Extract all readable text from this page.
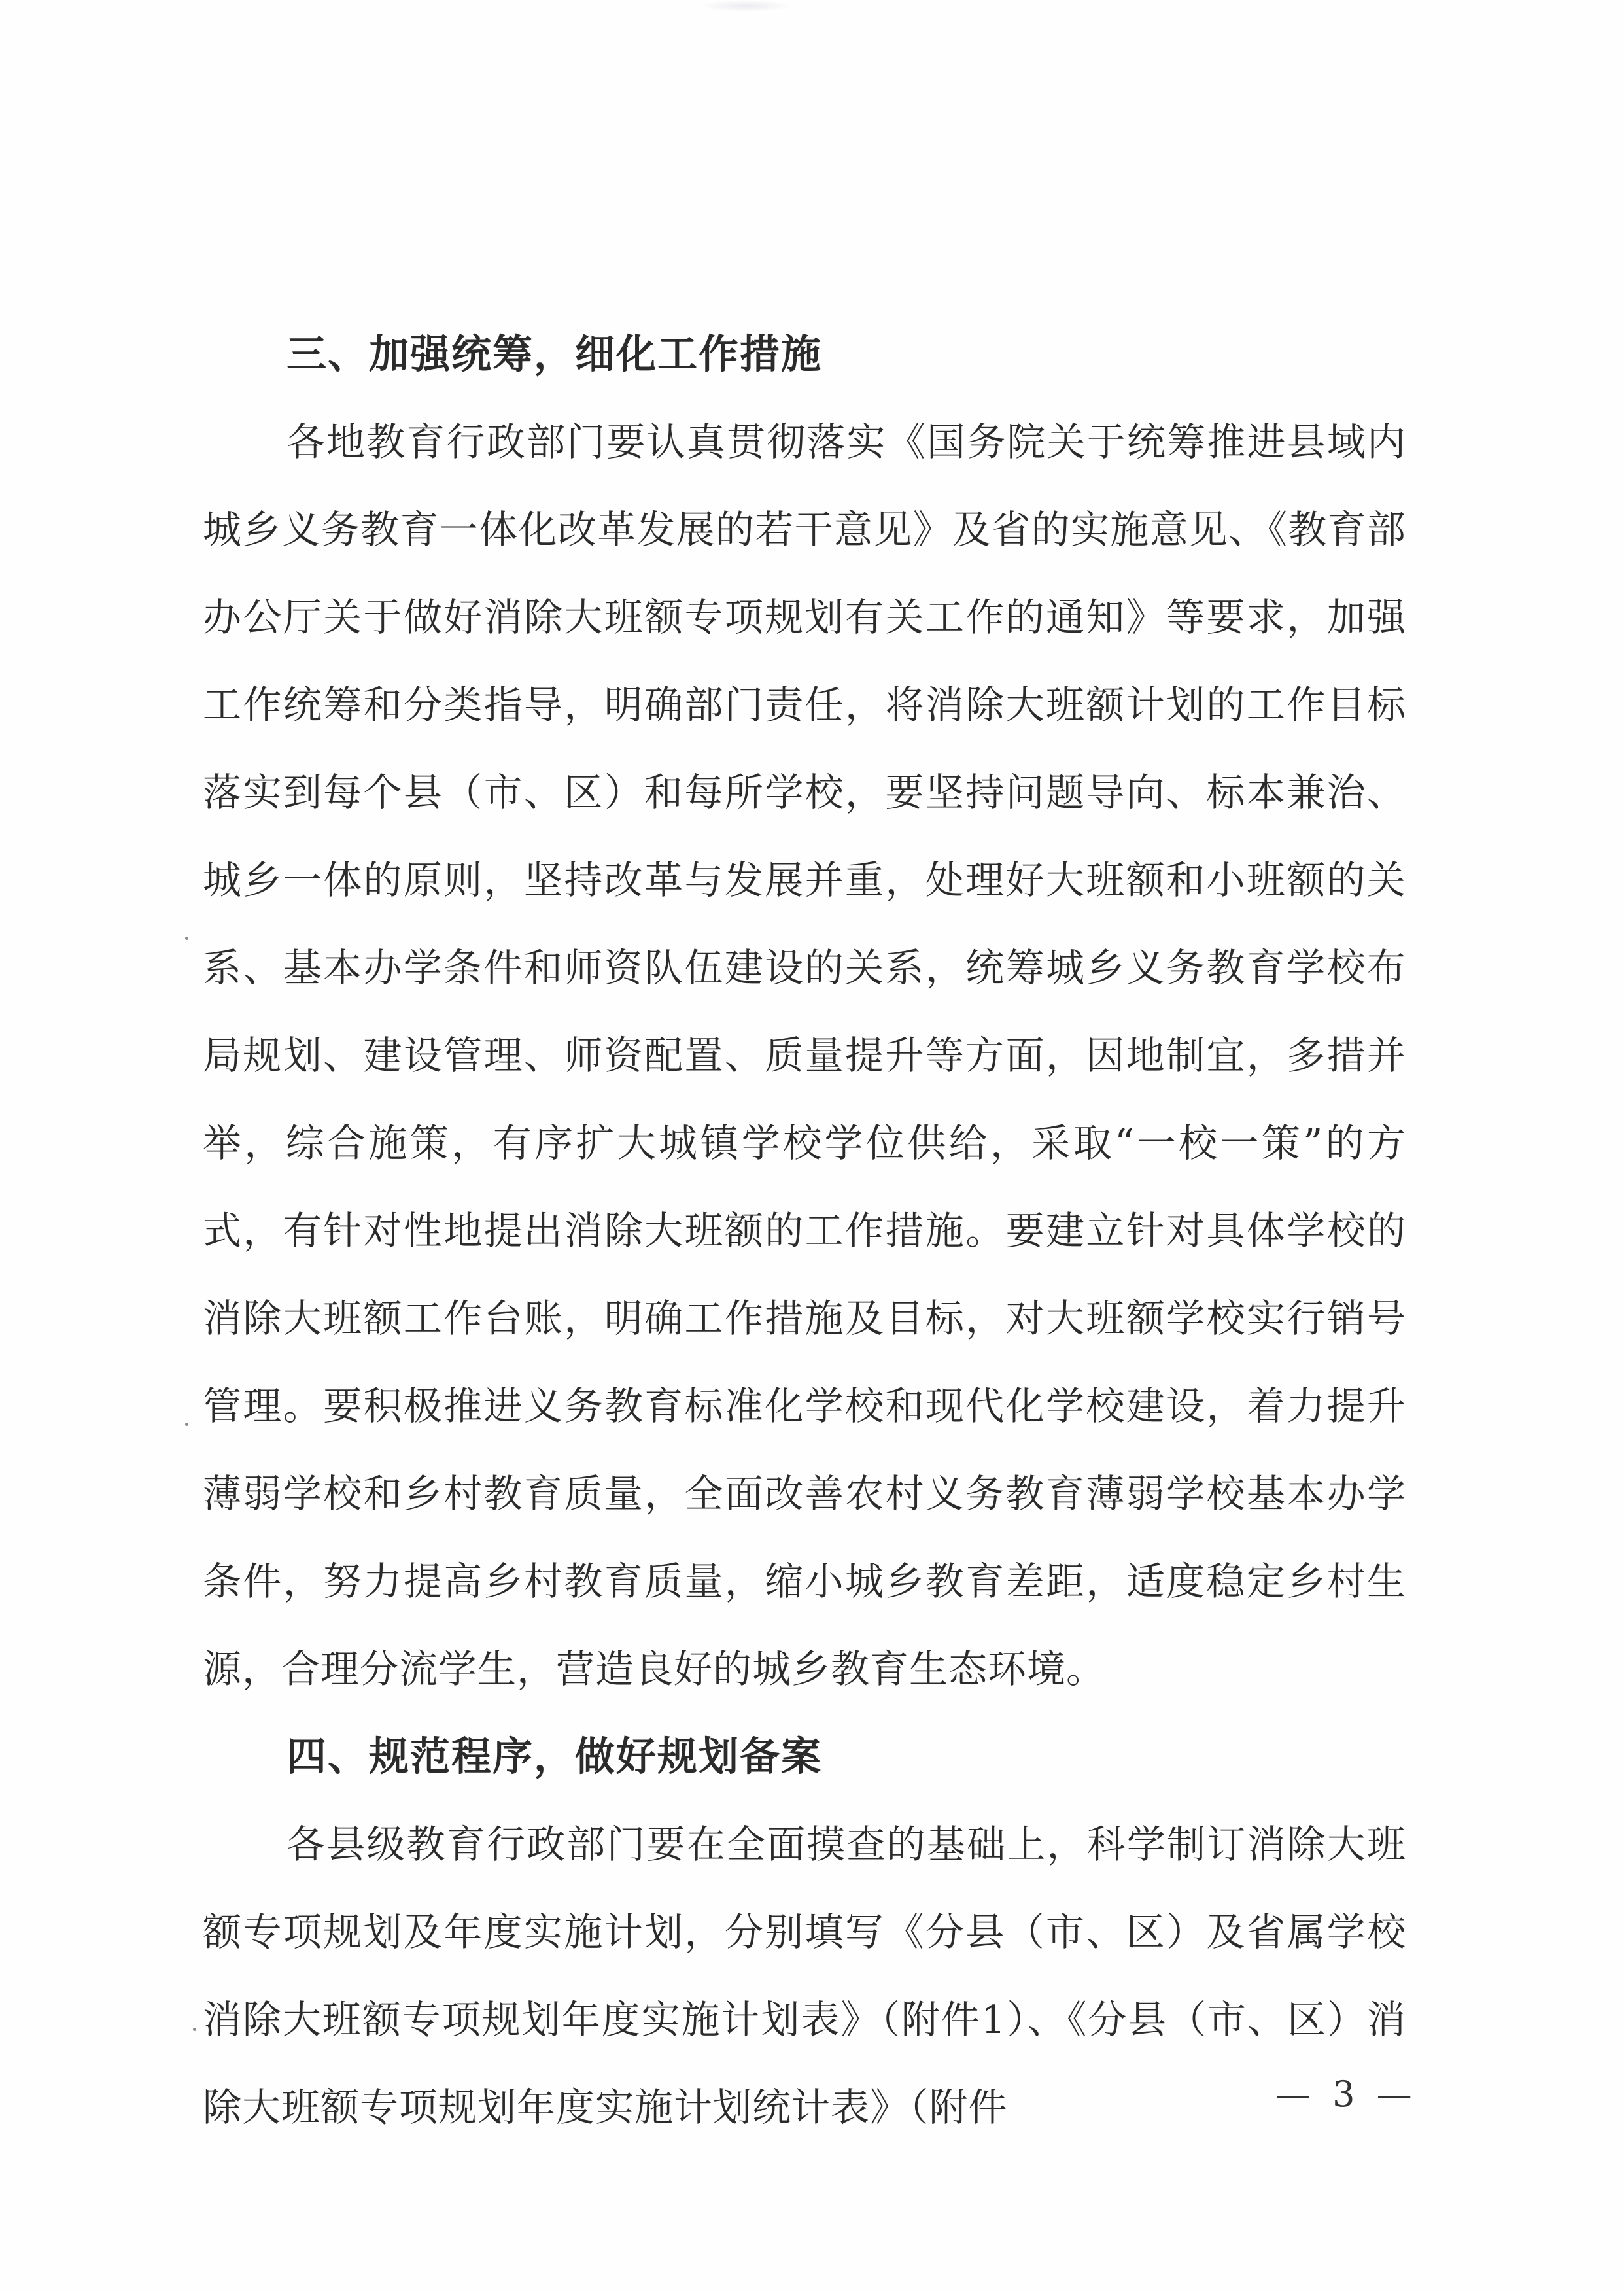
三、加强统筹，细化工作措施

各地教育行政部门要认真贯彻落实《国务院关于统筹推进县域内城乡义务教育一体化改革发展的若干意见》及省的实施意见、《教育部办公厅关于做好消除大班额专项规划有关工作的通知》等要求，加强工作统筹和分类指导，明确部门责任，将消除大班额计划的工作目标落实到每个县（市、区）和每所学校，要坚持问题导向、标本兼治、城乡一体的原则，坚持改革与发展并重，处理好大班额和小班额的关系、基本办学条件和师资队伍建设的关系，统筹城乡义务教育学校布局规划、建设管理、师资配置、质量提升等方面，因地制宜，多措并举，综合施策，有序扩大城镇学校学位供给，采取“一校一策”的方式，有针对性地提出消除大班额的工作措施。要建立针对具体学校的消除大班额工作台账，明确工作措施及目标，对大班额学校实行销号管理。要积极推进义务教育标准化学校和现代化学校建设，着力提升薄弱学校和乡村教育质量，全面改善农村义务教育薄弱学校基本办学条件，努力提高乡村教育质量，缩小城乡教育差距，适度稳定乡村生源，合理分流学生，营造良好的城乡教育生态环境。

四、规范程序，做好规划备案

各县级教育行政部门要在全面摸查的基础上，科学制订消除大班额专项规划及年度实施计划，分别填写《分县（市、区）及省属学校消除大班额专项规划年度实施计划表》（附件1）、《分县（市、区）消除大班额专项规划年度实施计划统计表》（附件	— 3 —
